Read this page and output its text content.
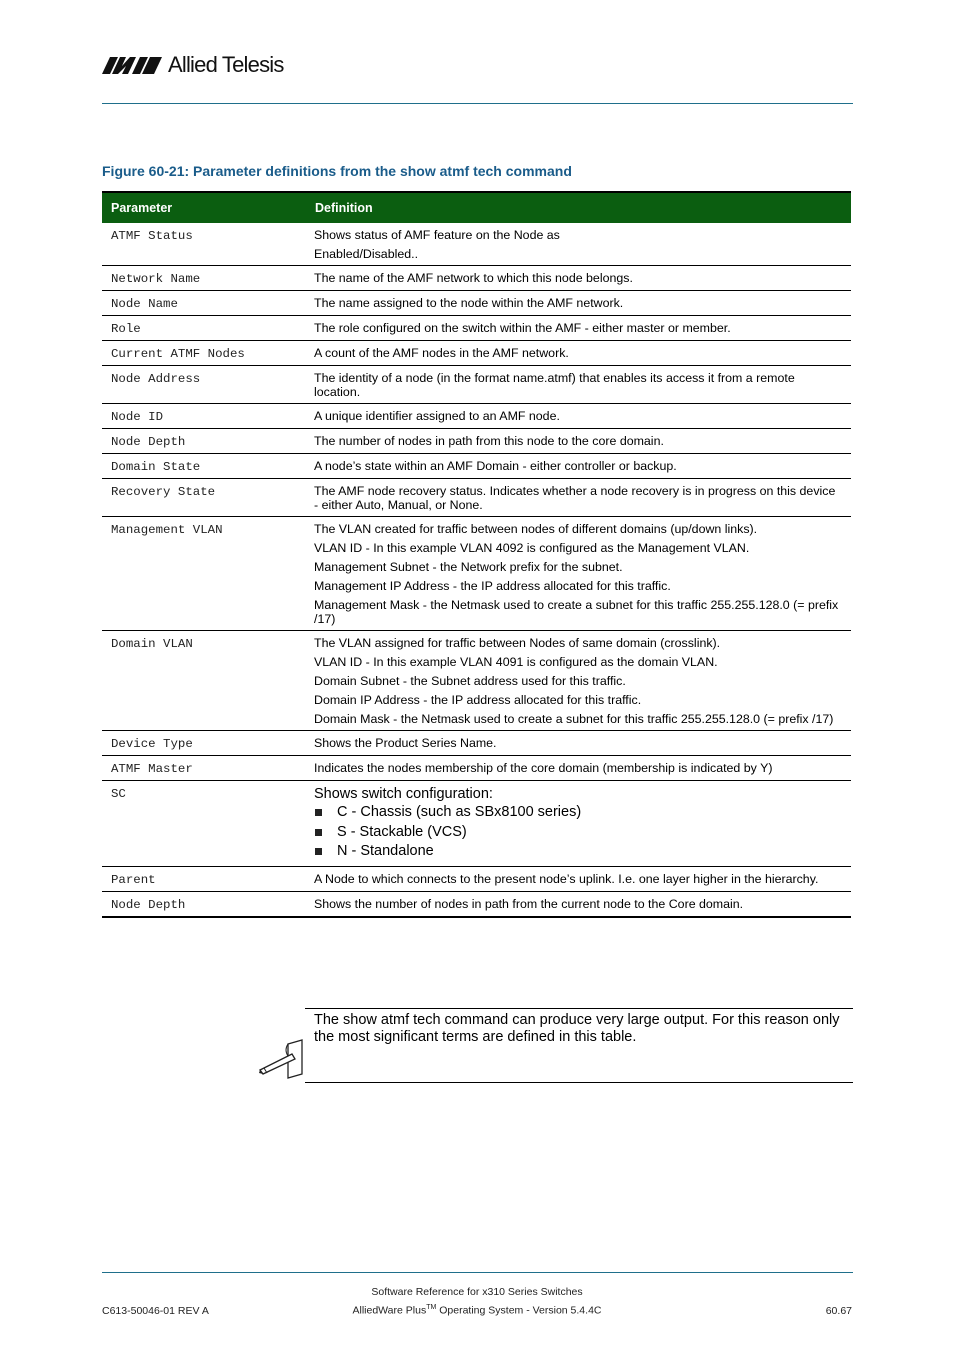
Allied Telesis
Figure 60-21: Parameter definitions from the show atmf tech command
Parameter	Definition
ATMF Status	Shows status of AMF feature on the Node as
Enabled/Disabled..

Network Name	The name of the AMF network to which this node belongs.

Node Name	The name assigned to the node within the AMF network.

Role	The role configured on the switch within the AMF - either master or member.

Current ATMF Nodes	A count of the AMF nodes in the AMF network.

Node Address	The identity of a node (in the format name.atmf) that enables its access it from a remote location.

Node ID	A unique identifier assigned to an AMF node.

Node Depth	The number of nodes in path from this node to the core domain.

Domain State	A node’s state within an AMF Domain - either controller or backup.

Recovery State	The AMF node recovery status. Indicates whether a node recovery is in progress on this device - either Auto, Manual, or None.

Management VLAN	The VLAN created for traffic between nodes of different domains (up/down links).
VLAN ID - In this example VLAN 4092 is configured as the Management VLAN.
Management Subnet - the Network prefix for the subnet.
Management IP Address - the IP address allocated for this traffic.
Management Mask - the Netmask used to create a subnet for this traffic 255.255.128.0 (= prefix /17)

Domain VLAN	The VLAN assigned for traffic between Nodes of same domain (crosslink).
VLAN ID - In this example VLAN 4091 is configured as the domain VLAN.
Domain Subnet - the Subnet address used for this traffic.
Domain IP Address - the IP address allocated for this traffic.
Domain Mask - the Netmask used to create a subnet for this traffic 255.255.128.0 (= prefix /17)

Device Type	Shows the Product Series Name.

ATMF Master	Indicates the nodes membership of the core domain (membership is indicated by Y)

SC	Shows switch configuration:
C - Chassis (such as SBx8100 series)
S - Stackable (VCS)
N - Standalone

Parent	A Node to which connects to the present node’s uplink. I.e. one layer higher in the hierarchy.

Node Depth	Shows the number of nodes in path from the current node to the Core domain.
The show atmf tech command can produce very large output. For this reason only the most significant terms are defined in this table.
Software Reference for x310 Series Switches
C613-50046-01 REV A	AlliedWare Plus™ Operating System - Version 5.4.4C	60.67
